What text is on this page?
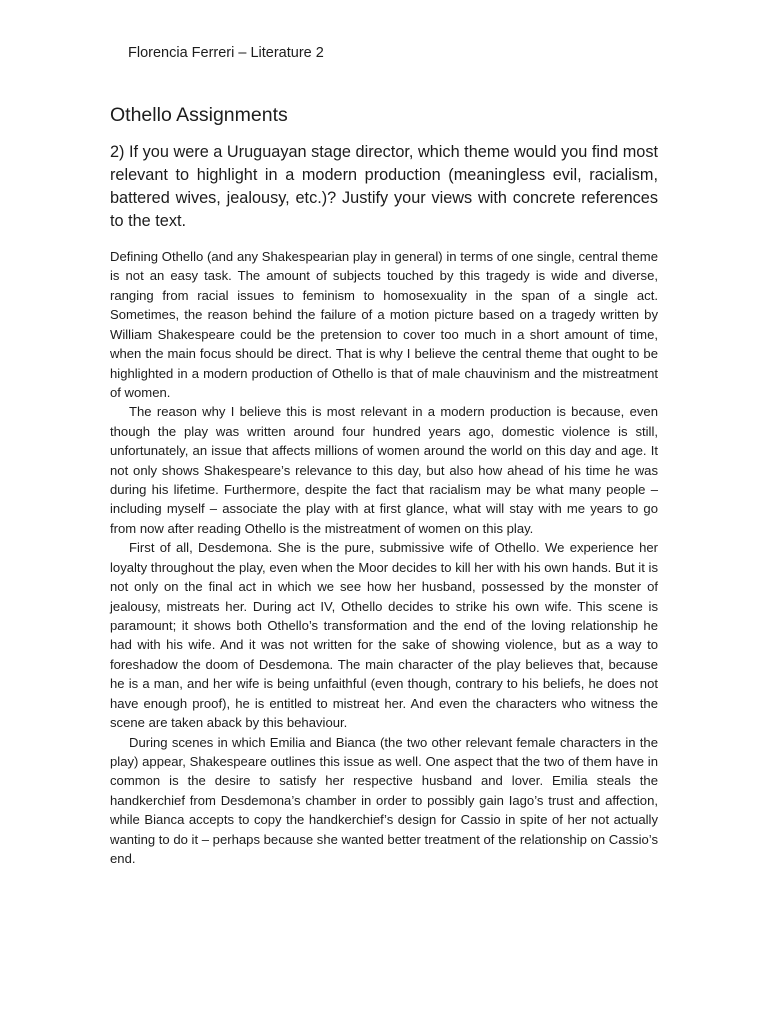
Florencia Ferreri – Literature 2
Othello Assignments
2) If you were a Uruguayan stage director, which theme would you find most relevant to highlight in a modern production (meaningless evil, racialism, battered wives, jealousy, etc.)? Justify your views with concrete references to the text.

Defining Othello (and any Shakespearian play in general) in terms of one single, central theme is not an easy task. The amount of subjects touched by this tragedy is wide and diverse, ranging from racial issues to feminism to homosexuality in the span of a single act. Sometimes, the reason behind the failure of a motion picture based on a tragedy written by William Shakespeare could be the pretension to cover too much in a short amount of time, when the main focus should be direct. That is why I believe the central theme that ought to be highlighted in a modern production of Othello is that of male chauvinism and the mistreatment of women.

The reason why I believe this is most relevant in a modern production is because, even though the play was written around four hundred years ago, domestic violence is still, unfortunately, an issue that affects millions of women around the world on this day and age. It not only shows Shakespeare’s relevance to this day, but also how ahead of his time he was during his lifetime. Furthermore, despite the fact that racialism may be what many people – including myself – associate the play with at first glance, what will stay with me years to go from now after reading Othello is the mistreatment of women on this play.

First of all, Desdemona. She is the pure, submissive wife of Othello. We experience her loyalty throughout the play, even when the Moor decides to kill her with his own hands. But it is not only on the final act in which we see how her husband, possessed by the monster of jealousy, mistreats her. During act IV, Othello decides to strike his own wife. This scene is paramount; it shows both Othello’s transformation and the end of the loving relationship he had with his wife. And it was not written for the sake of showing violence, but as a way to foreshadow the doom of Desdemona. The main character of the play believes that, because he is a man, and her wife is being unfaithful (even though, contrary to his beliefs, he does not have enough proof), he is entitled to mistreat her. And even the characters who witness the scene are taken aback by this behaviour.

During scenes in which Emilia and Bianca (the two other relevant female characters in the play) appear, Shakespeare outlines this issue as well. One aspect that the two of them have in common is the desire to satisfy her respective husband and lover. Emilia steals the handkerchief from Desdemona’s chamber in order to possibly gain Iago’s trust and affection, while Bianca accepts to copy the handkerchief’s design for Cassio in spite of her not actually wanting to do it – perhaps because she wanted better treatment of the relationship on Cassio’s end.
